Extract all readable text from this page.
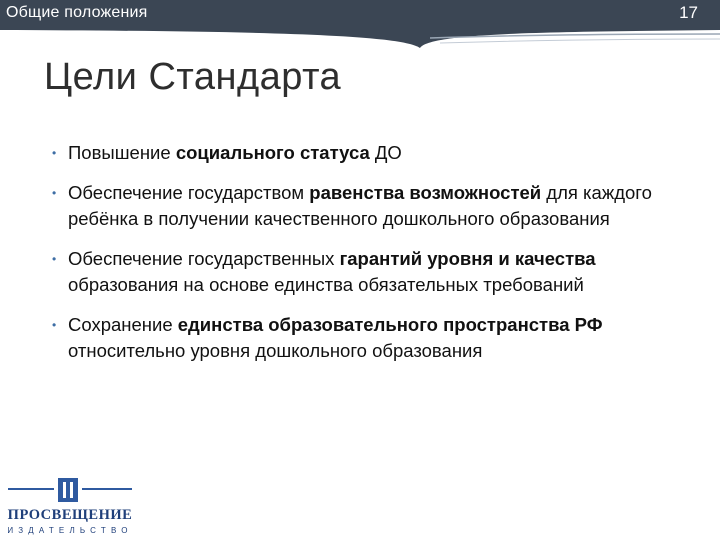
Общие положения	17
Цели Стандарта
• Повышение социального статуса ДО
• Обеспечение государством равенства возможностей для каждого ребёнка в получении качественного дошкольного образования
• Обеспечение государственных гарантий уровня и качества образования на основе единства обязательных требований
• Сохранение единства образовательного пространства РФ относительно уровня дошкольного образования
ПРОСВЕЩЕНИЕ
ИЗДАТЕЛЬСТВО
